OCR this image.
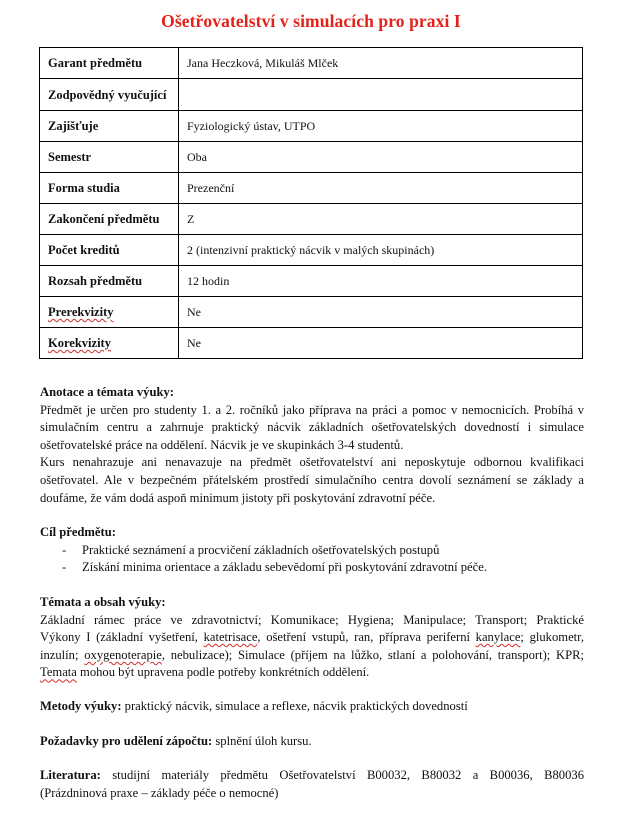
Ošetřovatelství v simulacích pro praxi I
Garant předmětu	Jana Heczková, Mikuláš Mlček
Zodpovědný vyučující	
Zajišťuje	Fyziologický ústav, UTPO
Semestr	Oba
Forma studia	Prezenční
Zakončení předmětu	Z
Počet kreditů	2 (intenzivní praktický nácvik v malých skupinách)
Rozsah předmětu	12 hodin
Prerekvizity	Ne
Korekvizity	Ne
Anotace a témata výuky:
Předmět je určen pro studenty 1. a 2. ročníků jako příprava na práci a pomoc v nemocnicích. Probíhá v
simulačním centru a zahrnuje praktický nácvik základních ošetřovatelských dovedností i simulace
ošetřovatelské práce na oddělení. Nácvik je ve skupinkách 3-4 studentů.
Kurs nenahrazuje ani nenavazuje na předmět ošetřovatelství ani neposkytuje odbornou kvalifikaci
ošetřovatel. Ale v bezpečném přátelském prostředí simulačního centra dovolí seznámení se základy a
doufáme, že vám dodá aspoň minimum jistoty při poskytování zdravotní péče.
Cíl předmětu:
- Praktické seznámení a procvičení základních ošetřovatelských postupů
- Získání minima orientace a základu sebevědomí při poskytování zdravotní péče.
Témata a obsah výuky:
Základní rámec práce ve zdravotnictví; Komunikace; Hygiena; Manipulace; Transport; Praktické
Výkony I (základní vyšetření, katetrisace, ošetření vstupů, ran, příprava periferní kanylace; glukometr,
inzulín; oxygenoterapie, nebulizace); Simulace (příjem na lůžko, stlaní a polohování, transport); KPR;
Temata mohou být upravena podle potřeby konkrétních oddělení.
Metody výuky: praktický nácvik, simulace a reflexe, nácvik praktických dovedností
Požadavky pro udělení zápočtu: splnění úloh kursu.
Literatura: studijní materiály předmětu Ošetřovatelství B00032, B80032 a B00036, B80036
(Prázdninová praxe – základy péče o nemocné)
